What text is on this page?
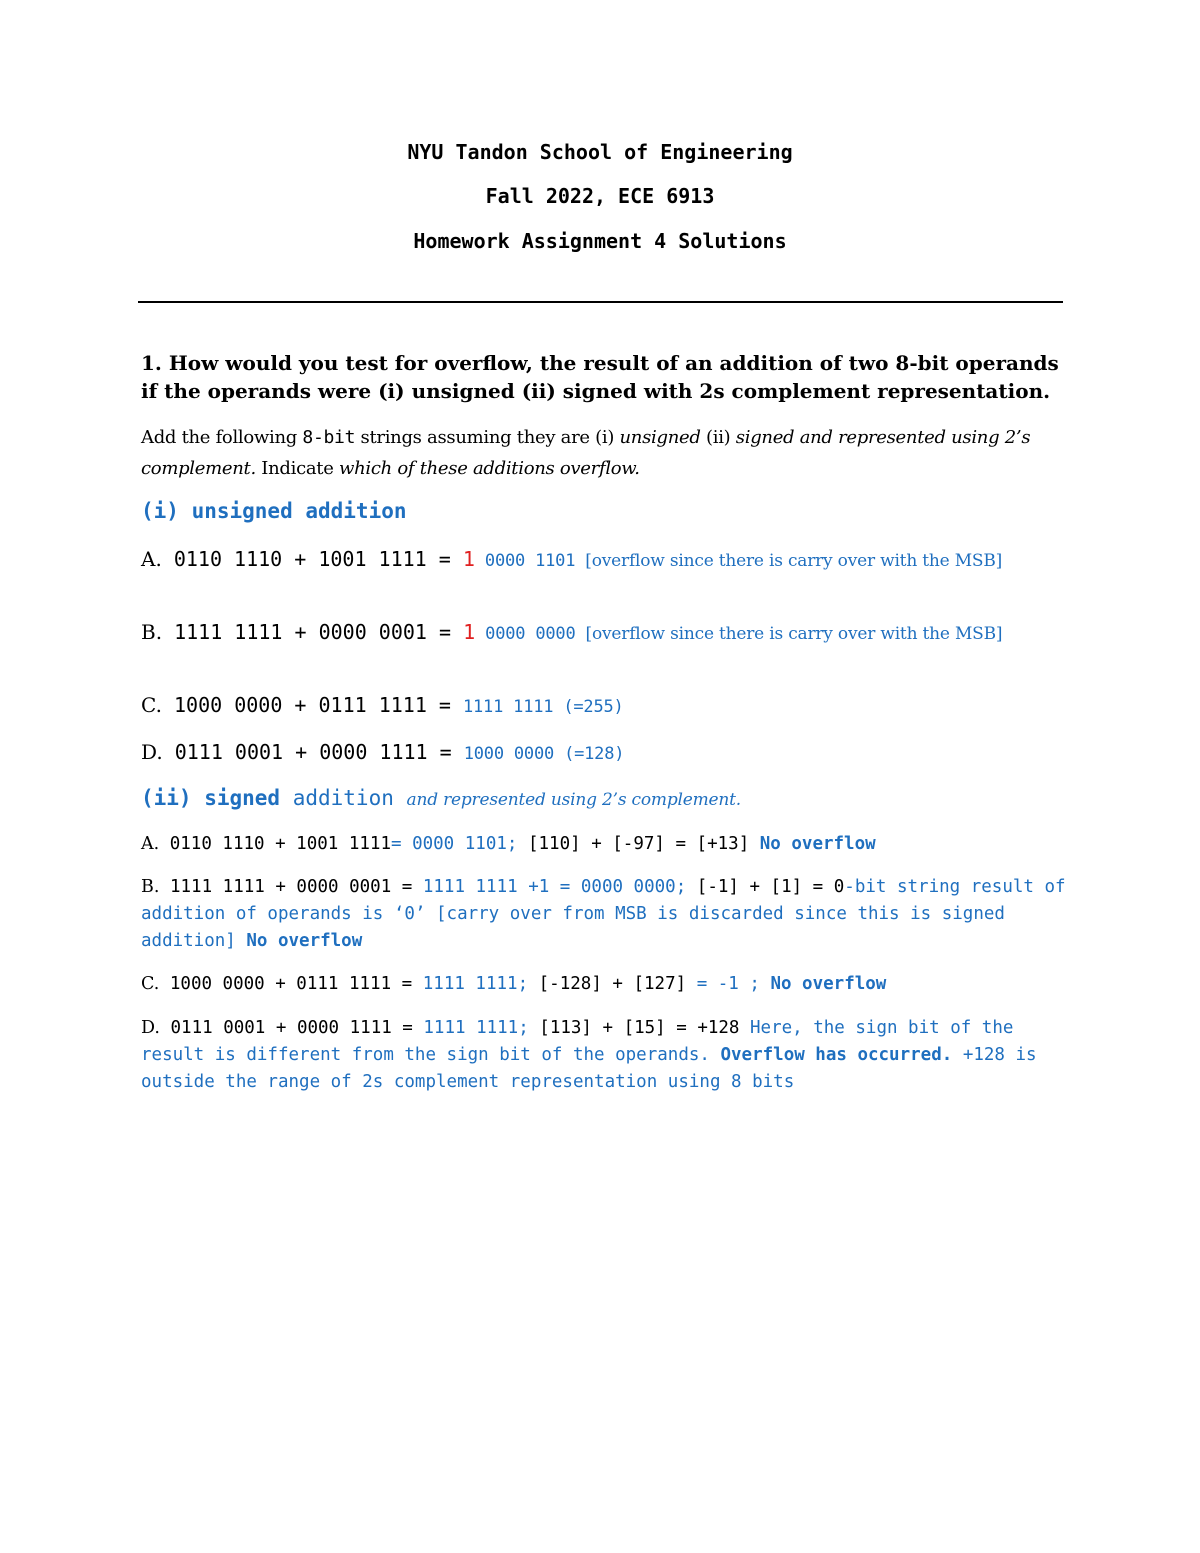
NYU Tandon School of Engineering
Fall 2022, ECE 6913
Homework Assignment 4 Solutions
1. How would you test for overflow, the result of an addition of two 8-bit operands if the operands were (i) unsigned (ii) signed with 2s complement representation.
Add the following 8-bit strings assuming they are (i) unsigned (ii) signed and represented using 2’s complement. Indicate which of these additions overflow.
(i) unsigned addition
A. 0110 1110 + 1001 1111 = 1 0000 1101 [overflow since there is carry over with the MSB]
B. 1111 1111 + 0000 0001 = 1 0000 0000 [overflow since there is carry over with the MSB]
C. 1000 0000 + 0111 1111 = 1111 1111 (=255)
D. 0111 0001 + 0000 1111 = 1000 0000 (=128)
(ii) signed addition and represented using 2’s complement.
A. 0110 1110 + 1001 1111= 0000 1101; [110] + [-97] = [+13] No overflow
B. 1111 1111 + 0000 0001 = 1111 1111 +1 = 0000 0000; [-1] + [1] = 0-bit string result of addition of operands is ‘0’ [carry over from MSB is discarded since this is signed addition] No overflow
C. 1000 0000 + 0111 1111 = 1111 1111; [-128] + [127] = -1 ; No overflow
D. 0111 0001 + 0000 1111 = 1111 1111; [113] + [15] = +128 Here, the sign bit of the result is different from the sign bit of the operands. Overflow has occurred. +128 is outside the range of 2s complement representation using 8 bits
